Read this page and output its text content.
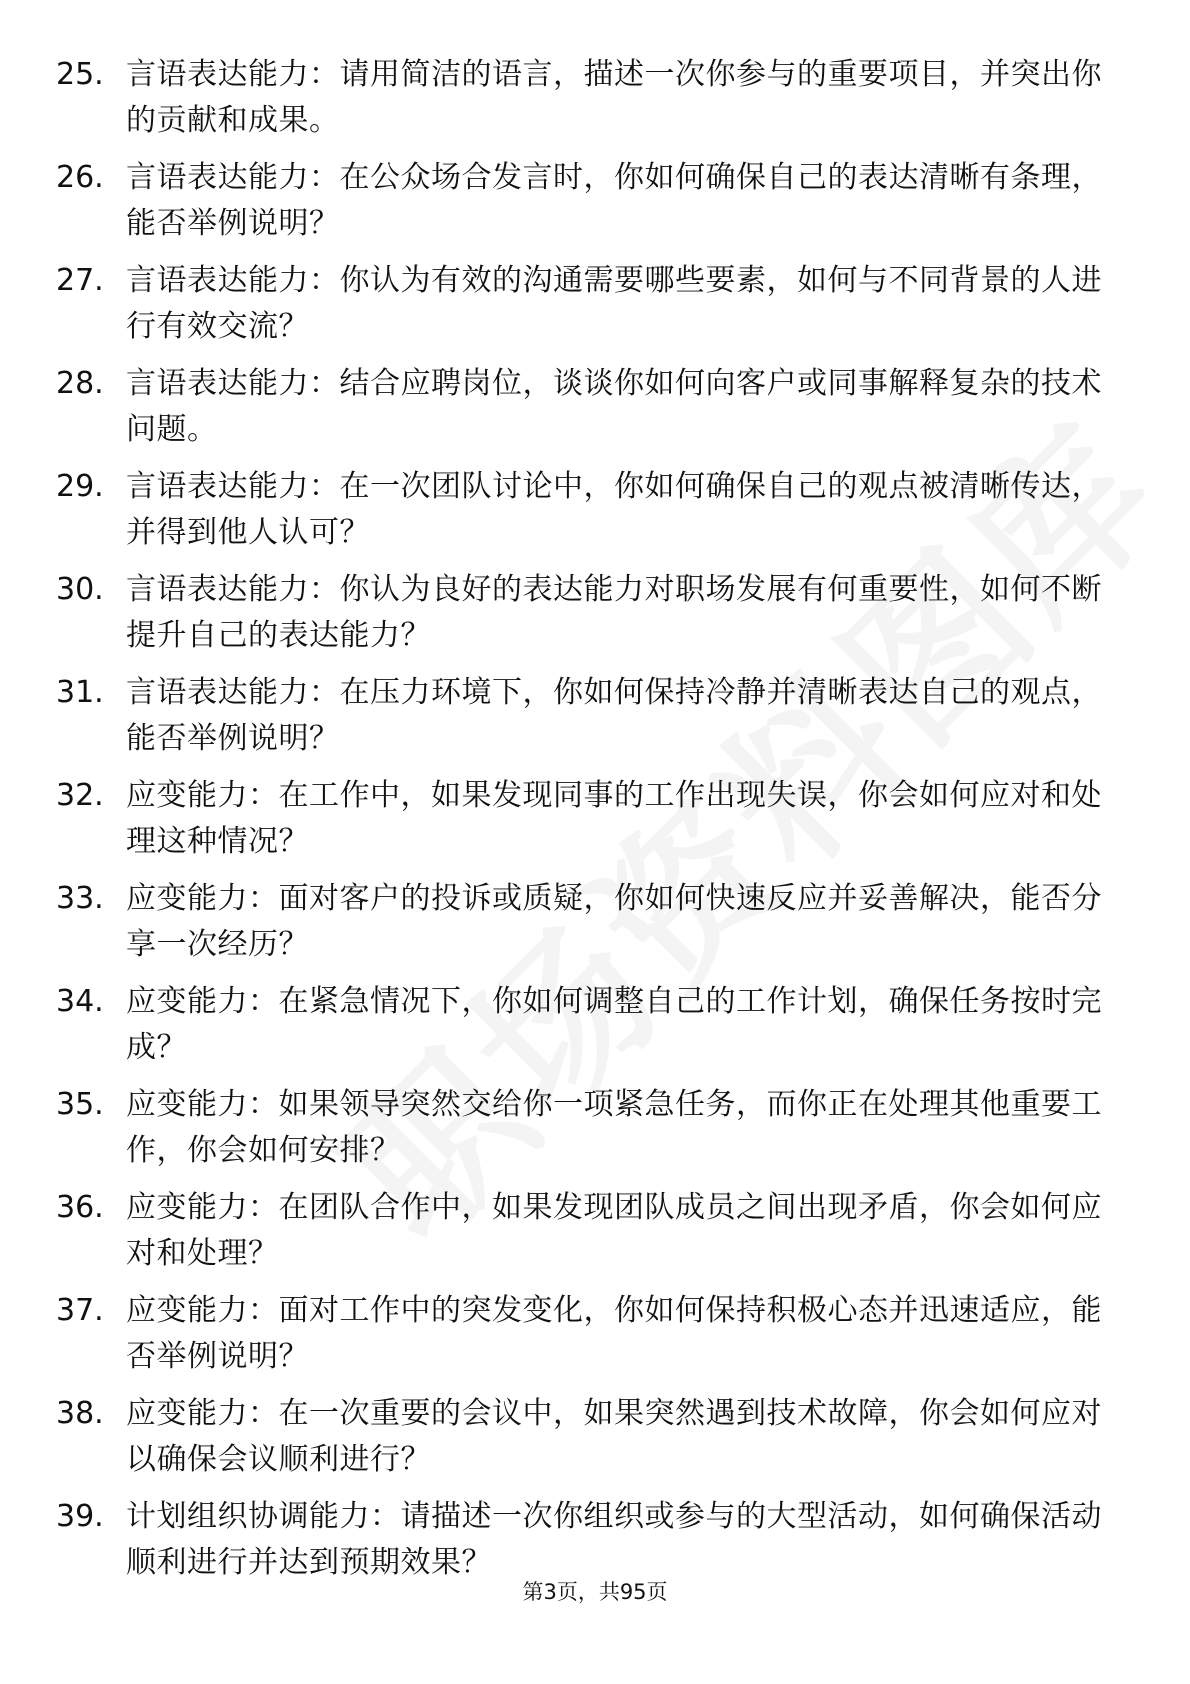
25. 言语表达能力：请用简洁的语言，描述一次你参与的重要项目，并突出你的贡献和成果。
26. 言语表达能力：在公众场合发言时，你如何确保自己的表达清晰有条理，能否举例说明？
27. 言语表达能力：你认为有效的沟通需要哪些要素，如何与不同背景的人进行有效交流？
28. 言语表达能力：结合应聘岗位，谈谈你如何向客户或同事解释复杂的技术问题。
29. 言语表达能力：在一次团队讨论中，你如何确保自己的观点被清晰传达，并得到他人认可？
30. 言语表达能力：你认为良好的表达能力对职场发展有何重要性，如何不断提升自己的表达能力？
31. 言语表达能力：在压力环境下，你如何保持冷静并清晰表达自己的观点，能否举例说明？
32. 应变能力：在工作中，如果发现同事的工作出现失误，你会如何应对和处理这种情况？
33. 应变能力：面对客户的投诉或质疑，你如何快速反应并妥善解决，能否分享一次经历？
34. 应变能力：在紧急情况下，你如何调整自己的工作计划，确保任务按时完成？
35. 应变能力：如果领导突然交给你一项紧急任务，而你正在处理其他重要工作，你会如何安排？
36. 应变能力：在团队合作中，如果发现团队成员之间出现矛盾，你会如何应对和处理？
37. 应变能力：面对工作中的突发变化，你如何保持积极心态并迅速适应，能否举例说明？
38. 应变能力：在一次重要的会议中，如果突然遇到技术故障，你会如何应对以确保会议顺利进行？
39. 计划组织协调能力：请描述一次你组织或参与的大型活动，如何确保活动顺利进行并达到预期效果？
第3页，共95页
